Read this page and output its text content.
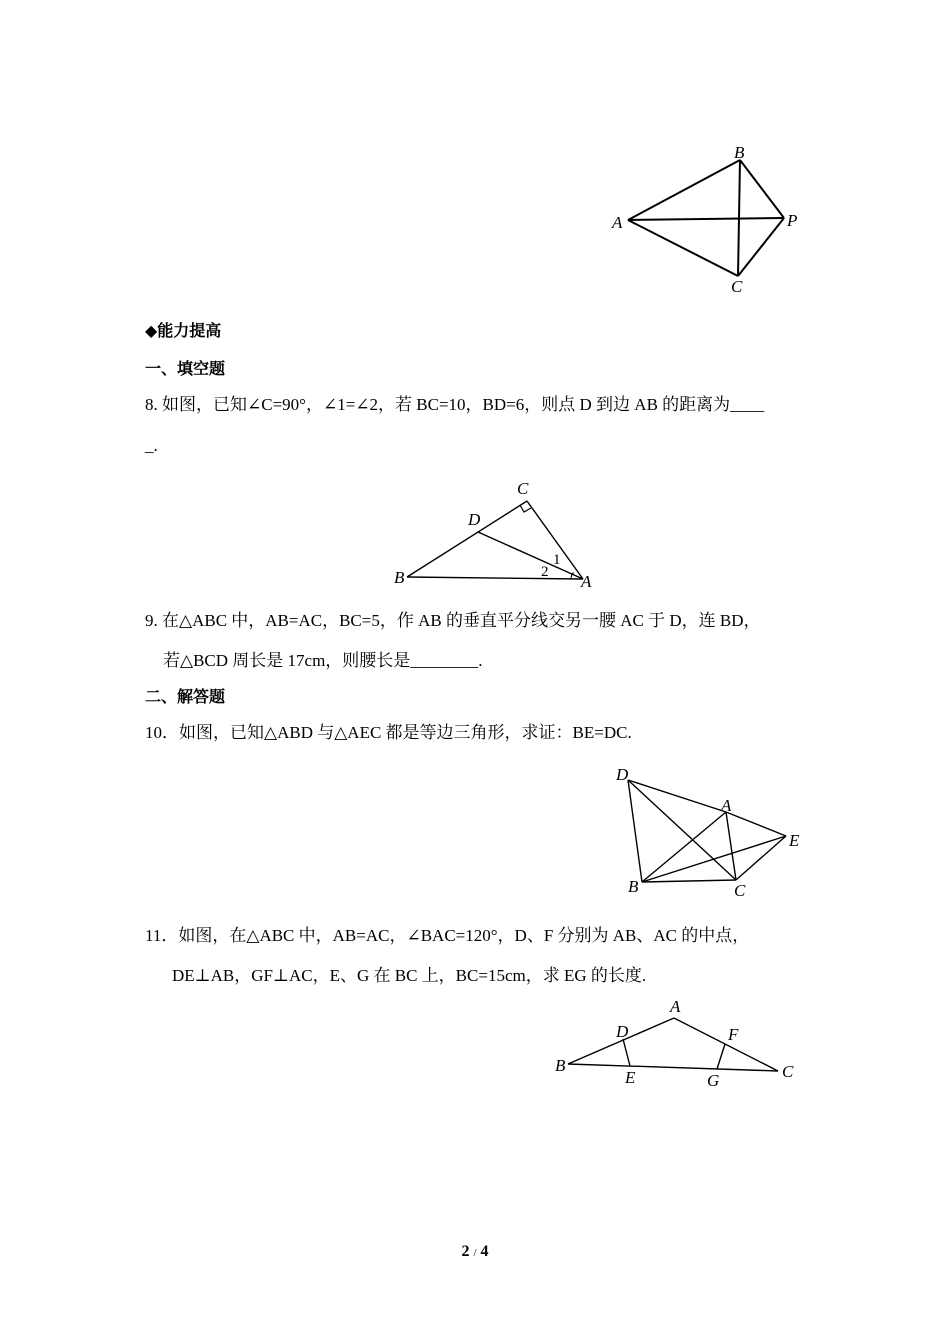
B
A	P
C
◆能力提高
一、填空题
8. 如图，已知∠C=90°，∠1=∠2，若 BC=10，BD=6，则点 D 到边 AB 的距离为____
_.
C
D
B	A
1
2
9. 在△ABC 中，AB=AC，BC=5，作 AB 的垂直平分线交另一腰 AC 于 D，连 BD，
若△BCD 周长是 17cm，则腰长是________.
二、解答题
10．如图，已知△ABD 与△AEC 都是等边三角形，求证：BE=DC.
D
A
E
B	C
11．如图，在△ABC 中，AB=AC，∠BAC=120°，D、F 分别为 AB、AC 的中点，
DE⊥AB，GF⊥AC，E、G 在 BC 上，BC=15cm，求 EG 的长度.
A
D	F
B
E	G	C
2 / 4
